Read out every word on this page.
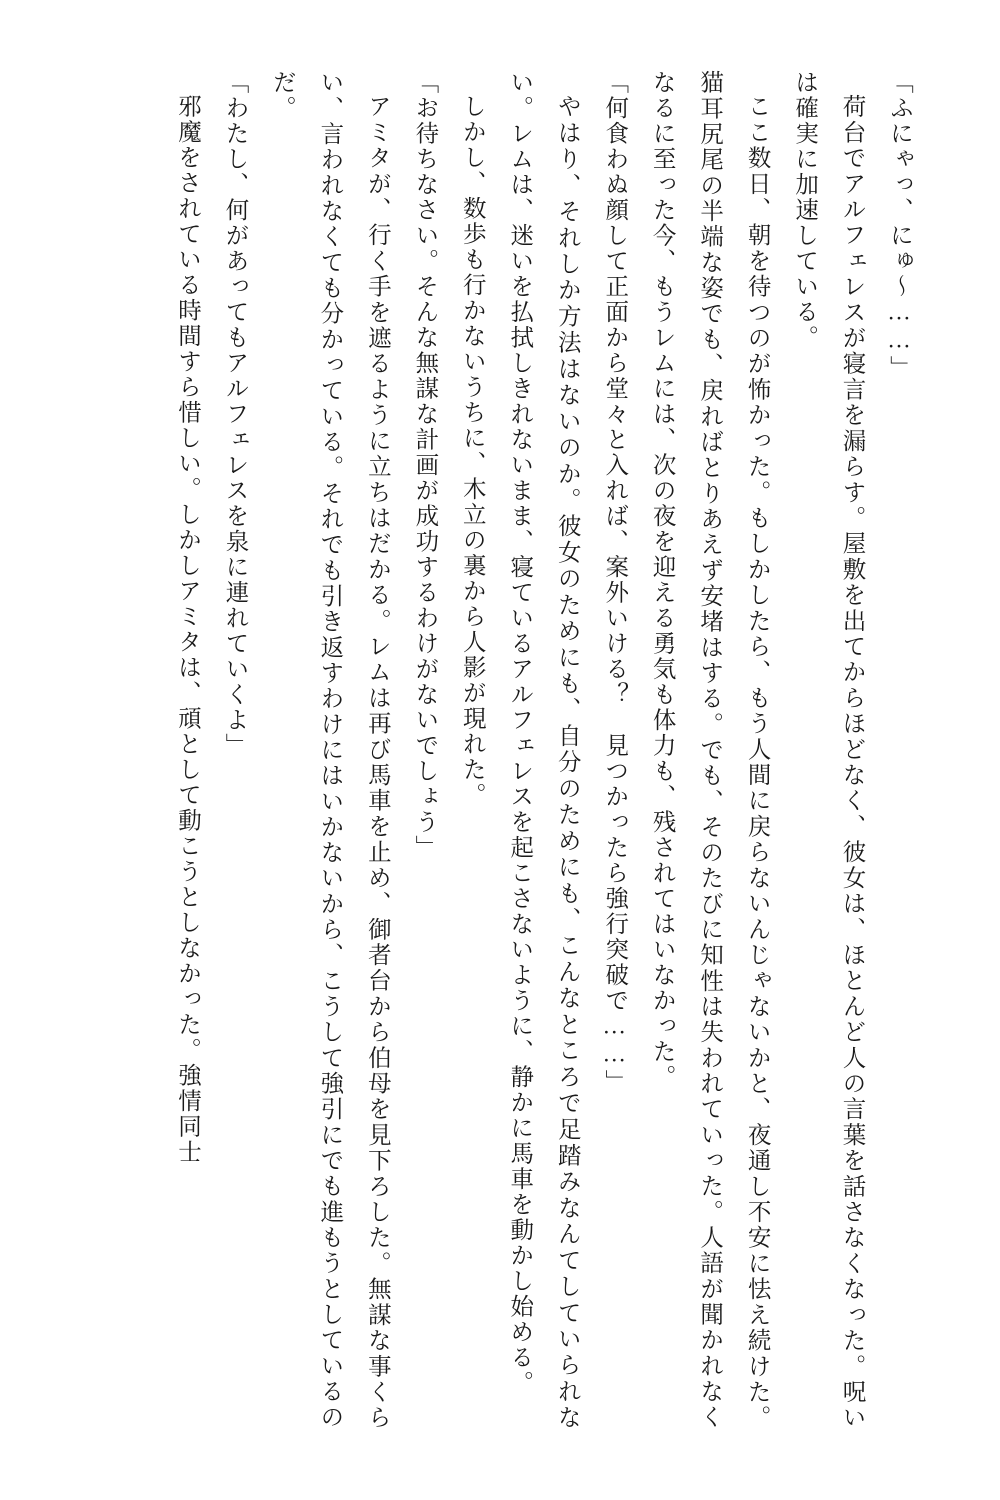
「ふにゃっ、にゅ～……」

荷台でアルフェレスが寝言を漏らす。屋敷を出てからほどなく、彼女は、ほとんど人の言葉を話さなくなった。呪いは確実に加速している。

ここ数日、朝を待つのが怖かった。もしかしたら、もう人間に戻らないんじゃないかと、夜通し不安に怯え続けた。猫耳尻尾の半端な姿でも、戻ればとりあえず安堵はする。でも、そのたびに知性は失われていった。人語が聞かれなくなるに至った今、もうレムには、次の夜を迎える勇気も体力も、残されてはいなかった。

「何食わぬ顔して正面から堂々と入れば、案外いける？　見つかったら強行突破で……」

やはり、それしか方法はないのか。彼女のためにも、自分のためにも、こんなところで足踏みなんてしていられない。レムは、迷いを払拭しきれないまま、寝ているアルフェレスを起こさないように、静かに馬車を動かし始める。

しかし、数歩も行かないうちに、木立の裏から人影が現れた。

「お待ちなさい。そんな無謀な計画が成功するわけがないでしょう」

アミタが、行く手を遮るように立ちはだかる。レムは再び馬車を止め、御者台から伯母を見下ろした。無謀な事くらい、言われなくても分かっている。それでも引き返すわけにはいかないから、こうして強引にでも進もうとしているのだ。

「わたし、何があってもアルフェレスを泉に連れていくよ」

邪魔をされている時間すら惜しい。しかしアミタは、頑として動こうとしなかった。強情同士
